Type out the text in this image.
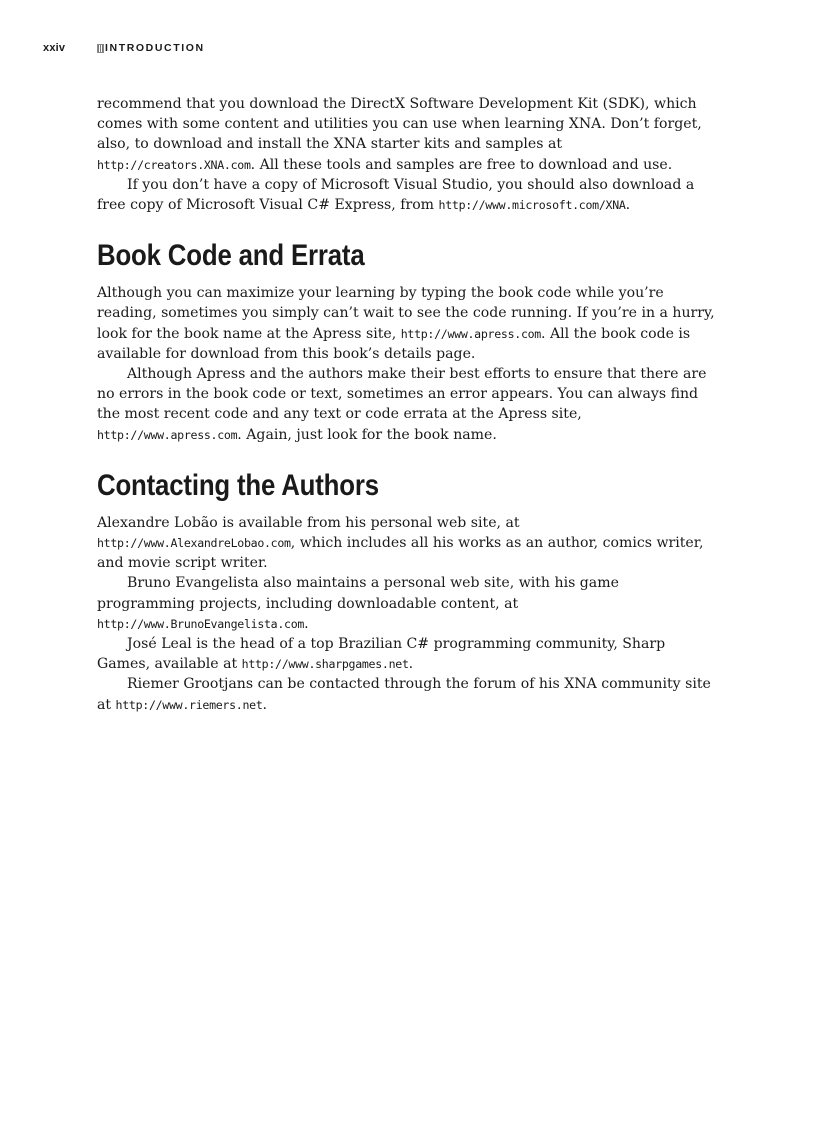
xxiv	INTRODUCTION

recommend that you download the DirectX Software Development Kit (SDK), which comes with some content and utilities you can use when learning XNA. Don’t forget, also, to download and install the XNA starter kits and samples at http://creators.XNA.com. All these tools and samples are free to download and use.

If you don’t have a copy of Microsoft Visual Studio, you should also download a free copy of Microsoft Visual C# Express, from http://www.microsoft.com/XNA.

Book Code and Errata

Although you can maximize your learning by typing the book code while you’re reading, sometimes you simply can’t wait to see the code running. If you’re in a hurry, look for the book name at the Apress site, http://www.apress.com. All the book code is available for download from this book’s details page.

Although Apress and the authors make their best efforts to ensure that there are no errors in the book code or text, sometimes an error appears. You can always find the most recent code and any text or code errata at the Apress site, http://www.apress.com. Again, just look for the book name.

Contacting the Authors

Alexandre Lobão is available from his personal web site, at http://www.AlexandreLobao.com, which includes all his works as an author, comics writer, and movie script writer.

Bruno Evangelista also maintains a personal web site, with his game programming projects, including downloadable content, at http://www.BrunoEvangelista.com.

José Leal is the head of a top Brazilian C# programming community, Sharp Games, available at http://www.sharpgames.net.

Riemer Grootjans can be contacted through the forum of his XNA community site at http://www.riemers.net.
